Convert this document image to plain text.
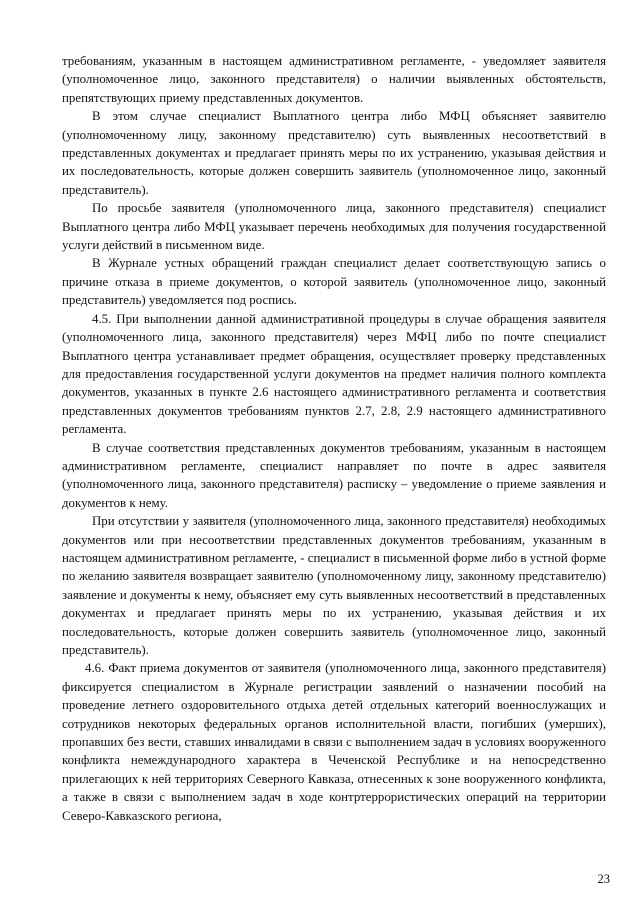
требованиям, указанным в настоящем административном регламенте, - уведомляет заявителя (уполномоченное лицо, законного представителя) о наличии выявленных обстоятельств, препятствующих приему представленных документов.

В этом случае специалист Выплатного центра либо МФЦ объясняет заявителю (уполномоченному лицу, законному представителю) суть выявленных несоответствий в представленных документах и предлагает принять меры по их устранению, указывая действия и их последовательность, которые должен совершить заявитель (уполномоченное лицо, законный представитель).

По просьбе заявителя (уполномоченного лица, законного представителя) специалист Выплатного центра либо МФЦ указывает перечень необходимых для получения государственной услуги действий в письменном виде.

В Журнале устных обращений граждан специалист делает соответствующую запись о причине отказа в приеме документов, о которой заявитель (уполномоченное лицо, законный представитель) уведомляется под роспись.

4.5. При выполнении данной административной процедуры в случае обращения заявителя (уполномоченного лица, законного представителя) через МФЦ либо по почте специалист Выплатного центра устанавливает предмет обращения, осуществляет проверку представленных для предоставления государственной услуги документов на предмет наличия полного комплекта документов, указанных в пункте 2.6 настоящего административного регламента и соответствия представленных документов требованиям пунктов 2.7, 2.8, 2.9 настоящего административного регламента.

В случае соответствия представленных документов требованиям, указанным в настоящем административном регламенте, специалист направляет по почте в адрес заявителя (уполномоченного лица, законного представителя) расписку – уведомление о приеме заявления и документов к нему.

При отсутствии у заявителя (уполномоченного лица, законного представителя) необходимых документов или при несоответствии представленных документов требованиям, указанным в настоящем административном регламенте, - специалист в письменной форме либо в устной форме по желанию заявителя возвращает заявителю (уполномоченному лицу, законному представителю) заявление и документы к нему, объясняет ему суть выявленных несоответствий в представленных документах и предлагает принять меры по их устранению, указывая действия и их последовательность, которые должен совершить заявитель (уполномоченное лицо, законный представитель).

4.6. Факт приема документов от заявителя (уполномоченного лица, законного представителя) фиксируется специалистом в Журнале регистрации заявлений о назначении пособий на проведение летнего оздоровительного отдыха детей отдельных категорий военнослужащих и сотрудников некоторых федеральных органов исполнительной власти, погибших (умерших), пропавших без вести, ставших инвалидами в связи с выполнением задач в условиях вооруженного конфликта немеждународного характера в Чеченской Республике и на непосредственно прилегающих к ней территориях Северного Кавказа, отнесенных к зоне вооруженного конфликта, а также в связи с выполнением задач в ходе контртеррористических операций на территории Северо-Кавказского региона,

23
